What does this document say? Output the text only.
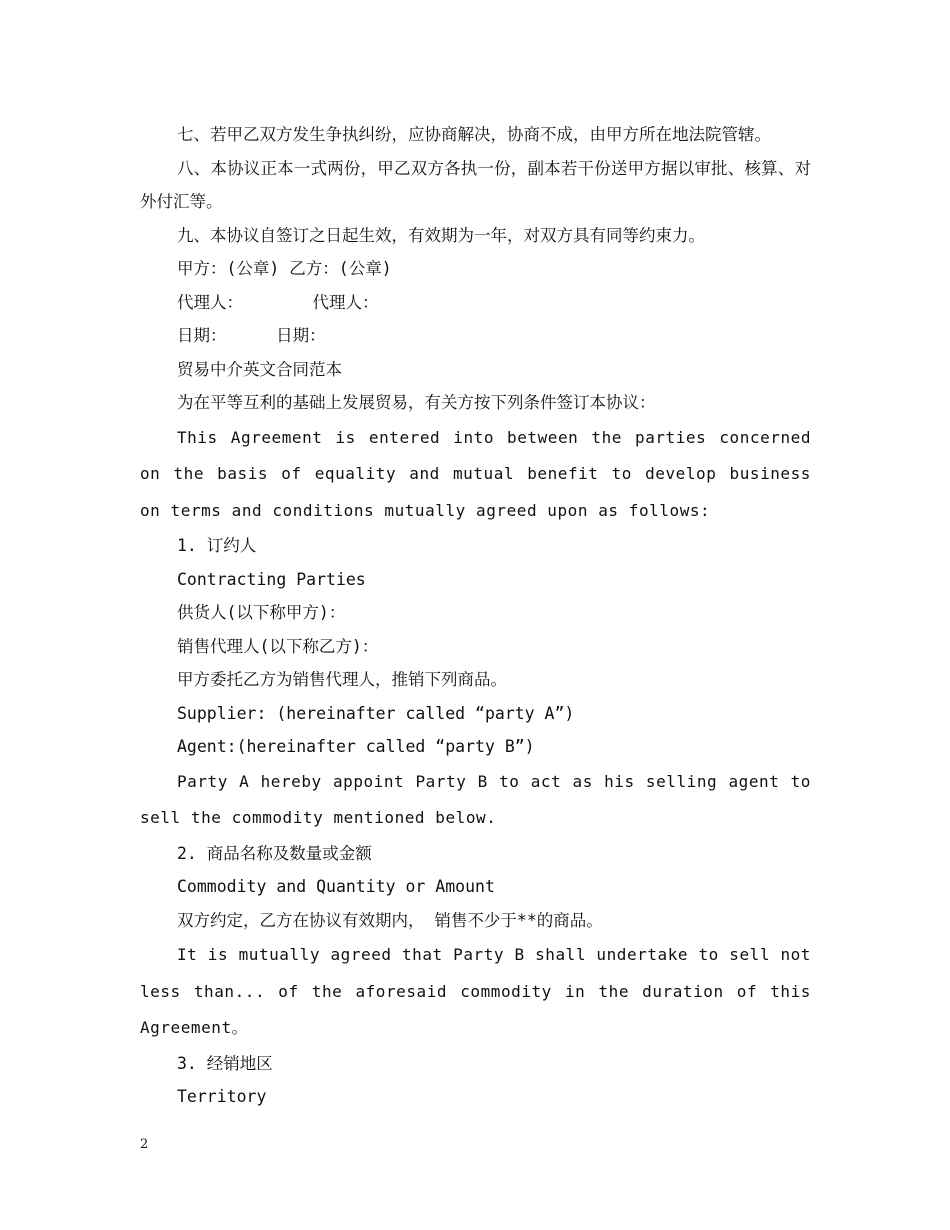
七、若甲乙双方发生争执纠纷，应协商解决，协商不成，由甲方所在地法院管辖。

八、本协议正本一式两份，甲乙双方各执一份，副本若干份送甲方据以审批、核算、对外付汇等。

九、本协议自签订之日起生效，有效期为一年，对双方具有同等约束力。

甲方：(公章) 乙方：(公章)

代理人：       代理人：

日期：     日期：

贸易中介英文合同范本

为在平等互利的基础上发展贸易，有关方按下列条件签订本协议：

This Agreement is entered into between the parties concerned on the basis of equality and mutual benefit to develop business on terms and conditions mutually agreed upon as follows:

1. 订约人

Contracting Parties

供货人(以下称甲方)：

销售代理人(以下称乙方)：

甲方委托乙方为销售代理人，推销下列商品。

Supplier: (hereinafter called “party A”)

Agent:(hereinafter called “party B”)

Party A hereby appoint Party B to act as his selling agent to sell the commodity mentioned below.

2. 商品名称及数量或金额

Commodity and Quantity or Amount

双方约定，乙方在协议有效期内， 销售不少于**的商品。

It is mutually agreed that Party B shall undertake to sell not less than... of the aforesaid commodity in the duration of this Agreement。

3. 经销地区

Territory

2
